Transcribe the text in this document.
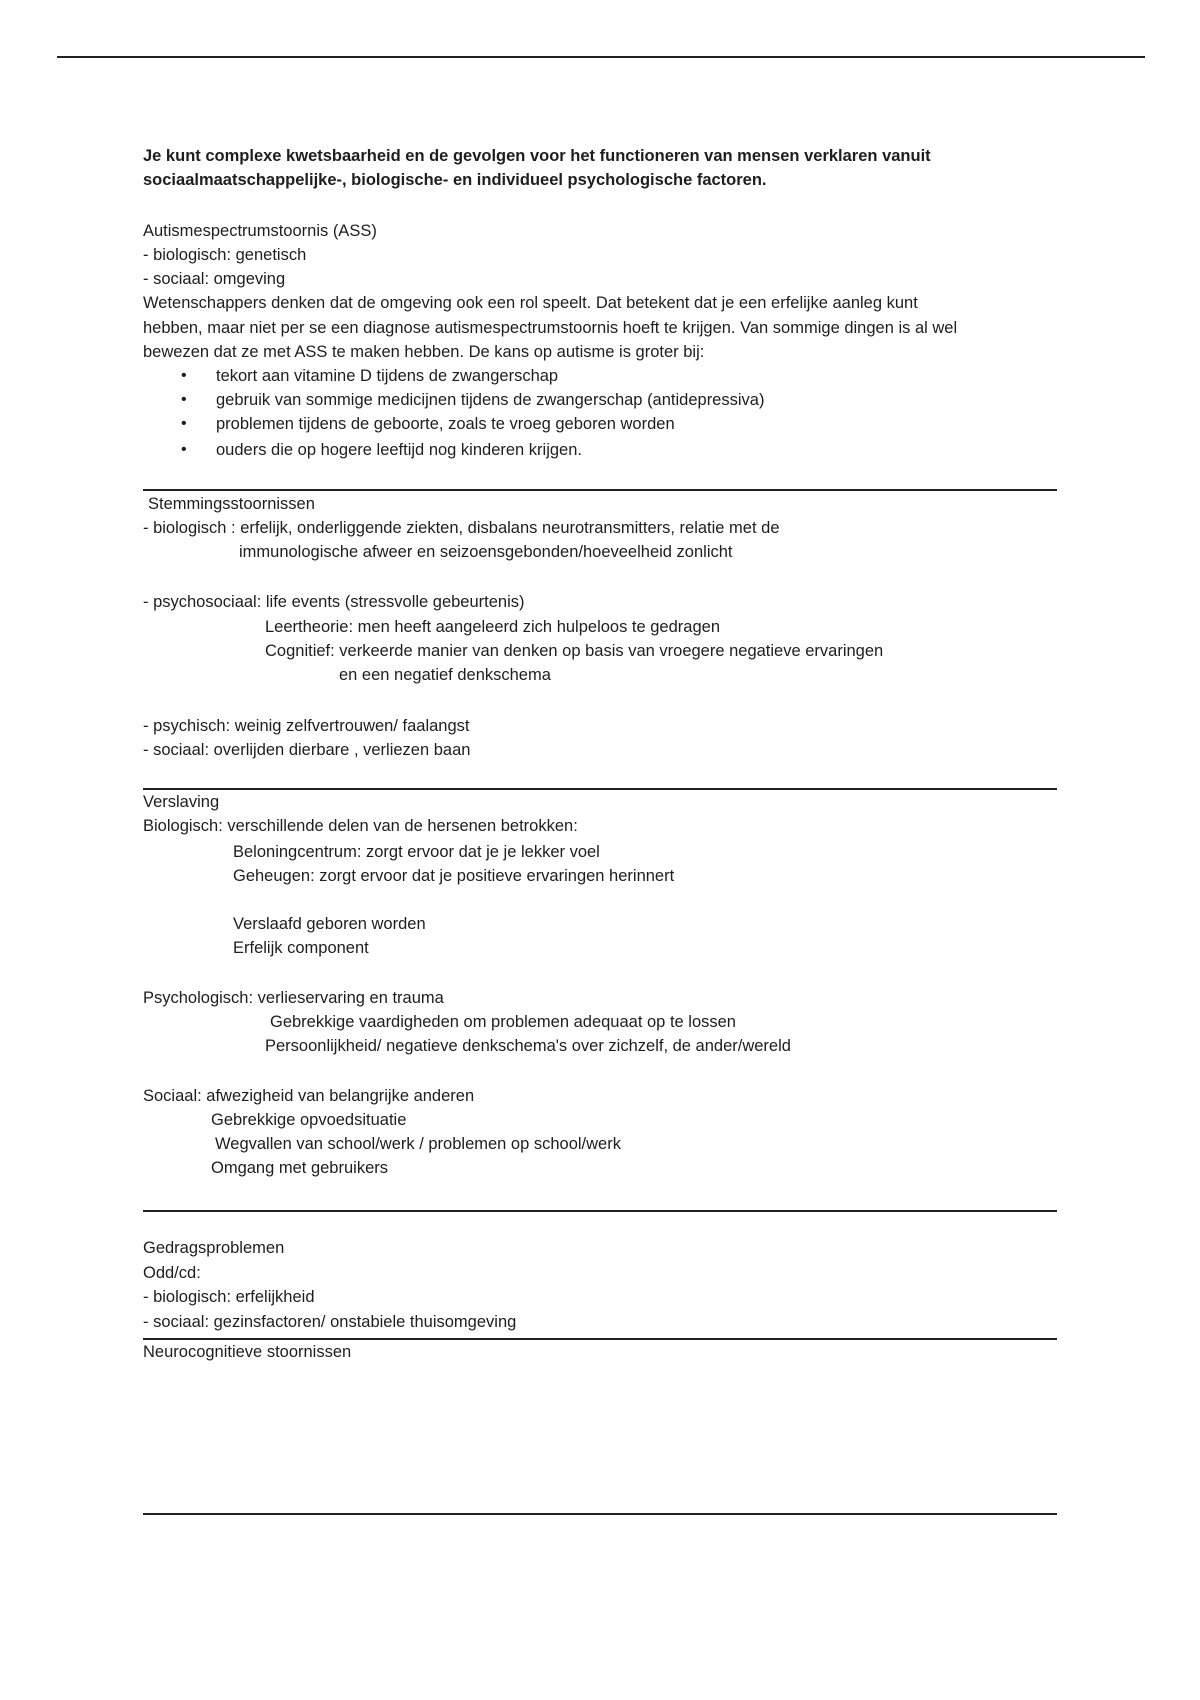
Je kunt complexe kwetsbaarheid en de gevolgen voor het functioneren van mensen verklaren vanuit
sociaalmaatschappelijke-, biologische- en individueel psychologische factoren.
Autismespectrumstoornis (ASS)
- biologisch: genetisch
- sociaal: omgeving
Wetenschappers denken dat de omgeving ook een rol speelt. Dat betekent dat je een erfelijke aanleg kunt
hebben, maar niet per se een diagnose autismespectrumstoornis hoeft te krijgen. Van sommige dingen is al wel
bewezen dat ze met ASS te maken hebben. De kans op autisme is groter bij:
• tekort aan vitamine D tijdens de zwangerschap
• gebruik van sommige medicijnen tijdens de zwangerschap (antidepressiva)
• problemen tijdens de geboorte, zoals te vroeg geboren worden
• ouders die op hogere leeftijd nog kinderen krijgen.
Stemmingsstoornissen
- biologisch : erfelijk, onderliggende ziekten, disbalans neurotransmitters, relatie met de
immunologische afweer en seizoensgebonden/hoeveelheid zonlicht
- psychosociaal: life events (stressvolle gebeurtenis)
Leertheorie: men heeft aangeleerd zich hulpeloos te gedragen
Cognitief: verkeerde manier van denken op basis van vroegere negatieve ervaringen
en een negatief denkschema
- psychisch: weinig zelfvertrouwen/ faalangst
- sociaal: overlijden dierbare , verliezen baan
Verslaving
Biologisch: verschillende delen van de hersenen betrokken:
Beloningcentrum: zorgt ervoor dat je je lekker voel
Geheugen: zorgt ervoor dat je positieve ervaringen herinnert
Verslaafd geboren worden
Erfelijk component
Psychologisch: verlieservaring en trauma
Gebrekkige vaardigheden om problemen adequaat op te lossen
Persoonlijkheid/ negatieve denkschema's over zichzelf, de ander/wereld
Sociaal: afwezigheid van belangrijke anderen
Gebrekkige opvoedsituatie
Wegvallen van school/werk / problemen op school/werk
Omgang met gebruikers
Gedragsproblemen
Odd/cd:
- biologisch: erfelijkheid
- sociaal: gezinsfactoren/ onstabiele thuisomgeving
Neurocognitieve stoornissen
